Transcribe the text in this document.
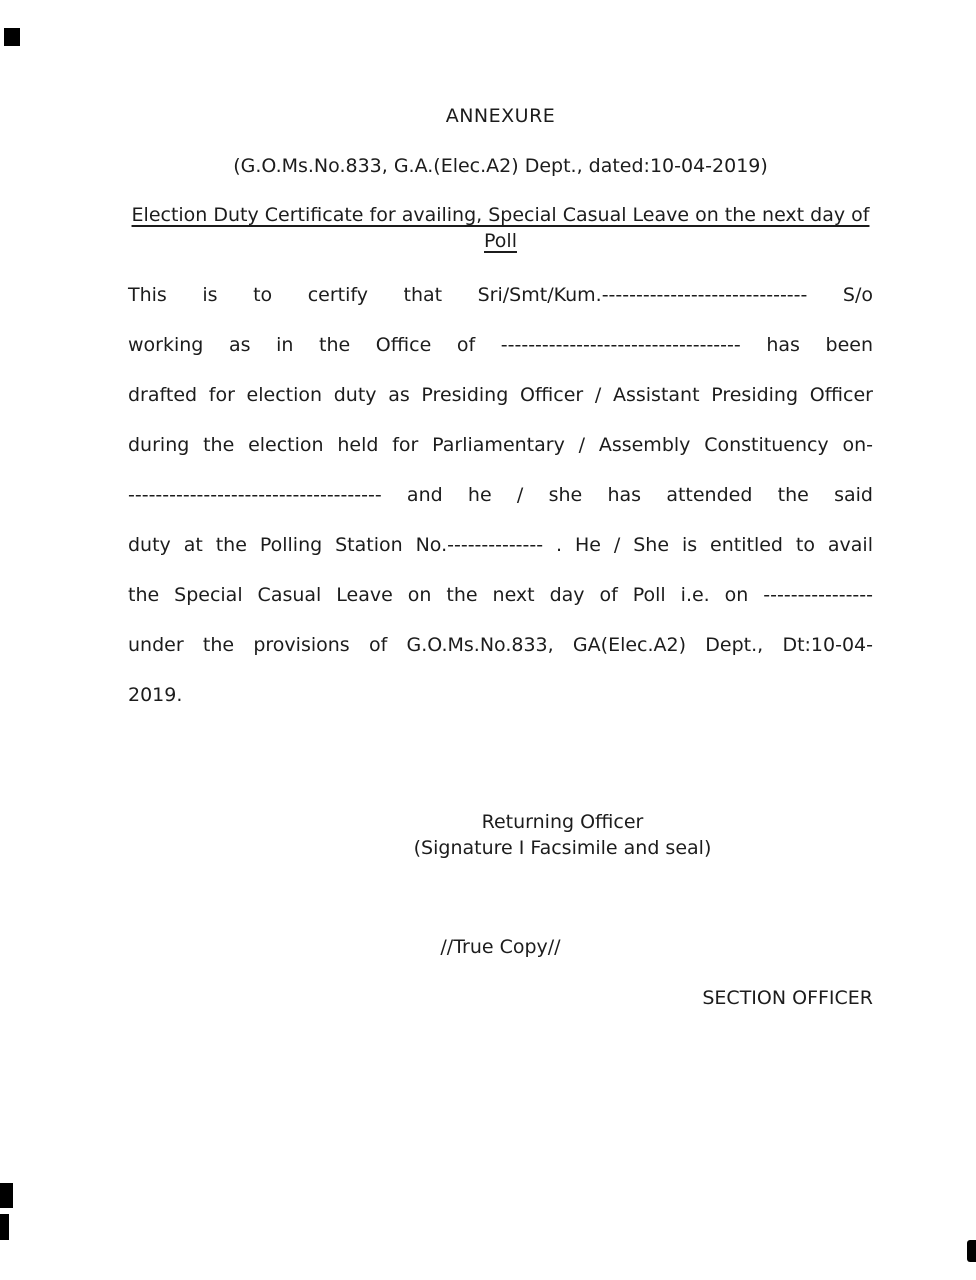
ANNEXURE
(G.O.Ms.No.833, G.A.(Elec.A2) Dept., dated:10-04-2019)
Election Duty Certificate for availing, Special Casual Leave on the next day of Poll
This is to certify that Sri/Smt/Kum.------------------------------ S/o
working as in the Office of ----------------------------------- has been
drafted for election duty as Presiding Officer / Assistant Presiding Officer
during the election held for Parliamentary / Assembly Constituency on-
------------------------------------- and he / she has attended the said
duty at the Polling Station No.-------------- . He / She is entitled to avail
the Special Casual Leave on the next day of Poll i.e. on ----------------
under the provisions of G.O.Ms.No.833, GA(Elec.A2) Dept., Dt:10-04-
2019.
Returning Officer
(Signature I Facsimile and seal)
//True Copy//
SECTION OFFICER
